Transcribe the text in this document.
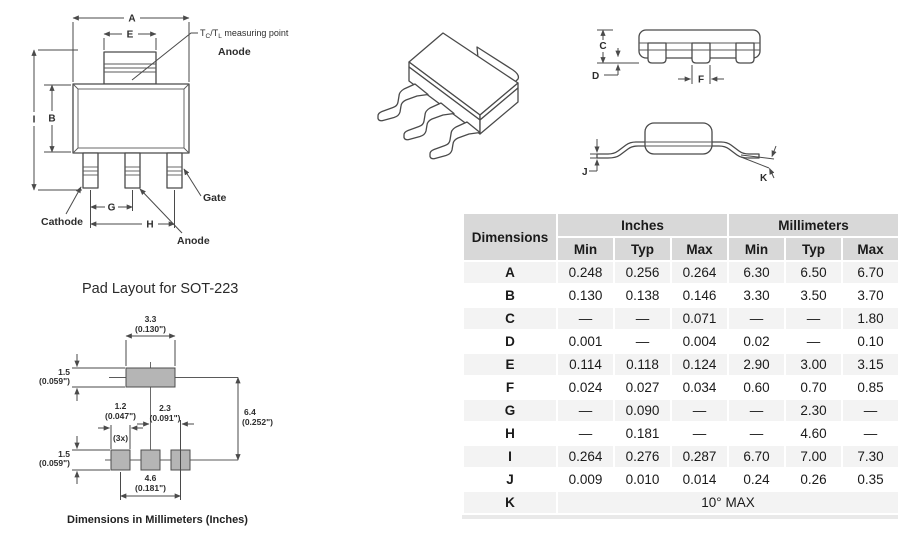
A
E
I B
G
H
$T_C/T_L$ measuring point
Anode
Cathode
Gate
Anode
C
D	F
J
K
Pad Layout for SOT-223
3.3
(0.130")
1.5
(0.059")
1.2
(0.047")
(3x)
2.3
(0.091")
1.5
(0.059")
4.6
(0.181")
6.4
(0.252")
Dimensions in Millimeters (Inches)
Dimensions	Inches			Millimeters		
	Min	Typ	Max	Min	Typ	Max
A	0.248	0.256	0.264	6.30	6.50	6.70
B	0.130	0.138	0.146	3.30	3.50	3.70
C	—	—	0.071	—	—	1.80
D	0.001	—	0.004	0.02	—	0.10
E	0.114	0.118	0.124	2.90	3.00	3.15
F	0.024	0.027	0.034	0.60	0.70	0.85
G	—	0.090	—	—	2.30	—
H	—	0.181	—	—	4.60	—
I	0.264	0.276	0.287	6.70	7.00	7.30
J	0.009	0.010	0.014	0.24	0.26	0.35
K	10° MAX					
